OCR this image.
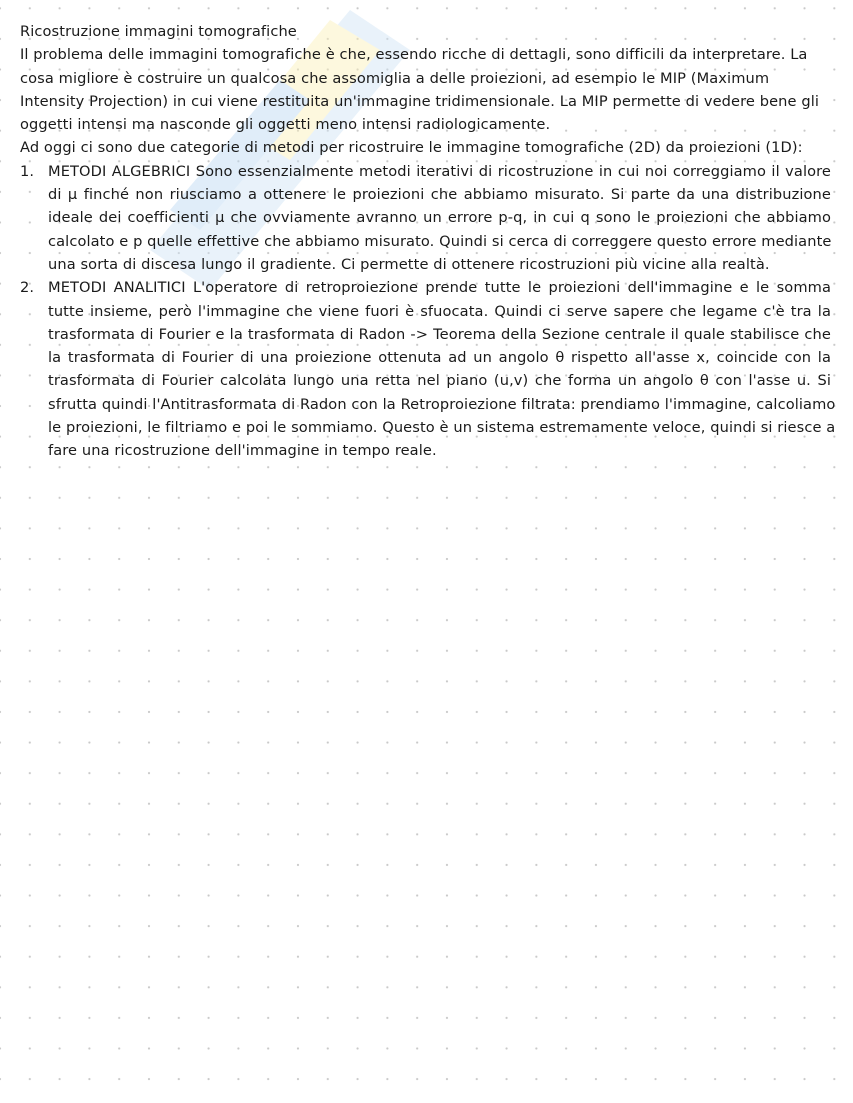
Ricostruzione immagini tomografiche
Il problema delle immagini tomografiche è che, essendo ricche di dettagli, sono difficili da interpretare. La
cosa migliore è costruire un qualcosa che assomiglia a delle proiezioni, ad esempio le MIP (Maximum
Intensity Projection) in cui viene restituita un'immagine tridimensionale. La MIP permette di vedere bene gli
oggetti intensi ma nasconde gli oggetti meno intensi radiologicamente.
Ad oggi ci sono due categorie di metodi per ricostruire le immagine tomografiche (2D) da proiezioni (1D):
1. METODI ALGEBRICI Sono essenzialmente metodi iterativi di ricostruzione in cui noi correggiamo il valore
di μ finché non riusciamo a ottenere le proiezioni che abbiamo misurato. Si parte da una distribuzione
ideale dei coefficienti μ che ovviamente avranno un errore p-q, in cui q sono le proiezioni che abbiamo
calcolato e p quelle effettive che abbiamo misurato. Quindi si cerca di correggere questo errore mediante
una sorta di discesa lungo il gradiente. Ci permette di ottenere ricostruzioni più vicine alla realtà.
2. METODI ANALITICI L'operatore di retroproiezione prende tutte le proiezioni dell'immagine e le somma
tutte insieme, però l'immagine che viene fuori è sfuocata. Quindi ci serve sapere che legame c'è tra la
trasformata di Fourier e la trasformata di Radon -> Teorema della Sezione centrale il quale stabilisce che
la trasformata di Fourier di una proiezione ottenuta ad un angolo θ rispetto all'asse x, coincide con la
trasformata di Fourier calcolata lungo una retta nel piano (u,v) che forma un angolo θ con l'asse u. Si
sfrutta quindi l'Antitrasformata di Radon con la Retroproiezione filtrata: prendiamo l'immagine, calcoliamo
le proiezioni, le filtriamo e poi le sommiamo. Questo è un sistema estremamente veloce, quindi si riesce a
fare una ricostruzione dell'immagine in tempo reale.
